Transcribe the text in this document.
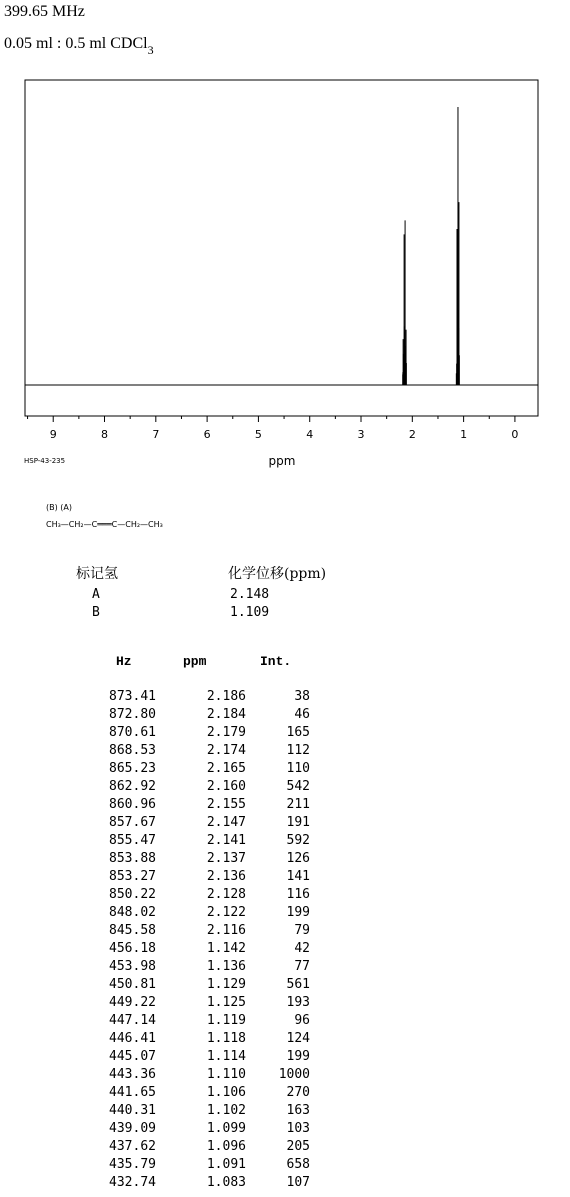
399.65 MHz
0.05 ml : 0.5 ml CDCl$_3$
9	8	7	6	5	4	3	2	1	0
ppm
HSP-43-235
(B) (A)
CH₃—CH₂—C═══C—CH₂—CH₃
标记氢	化学位移(ppm)
A	2.148
B	1.109
Hz	ppm	Int.
873.41	2.186	38
872.80	2.184	46
870.61	2.179	165
868.53	2.174	112
865.23	2.165	110
862.92	2.160	542
860.96	2.155	211
857.67	2.147	191
855.47	2.141	592
853.88	2.137	126
853.27	2.136	141
850.22	2.128	116
848.02	2.122	199
845.58	2.116	79
456.18	1.142	42
453.98	1.136	77
450.81	1.129	561
449.22	1.125	193
447.14	1.119	96
446.41	1.118	124
445.07	1.114	199
443.36	1.110	1000
441.65	1.106	270
440.31	1.102	163
439.09	1.099	103
437.62	1.096	205
435.79	1.091	658
432.74	1.083	107
